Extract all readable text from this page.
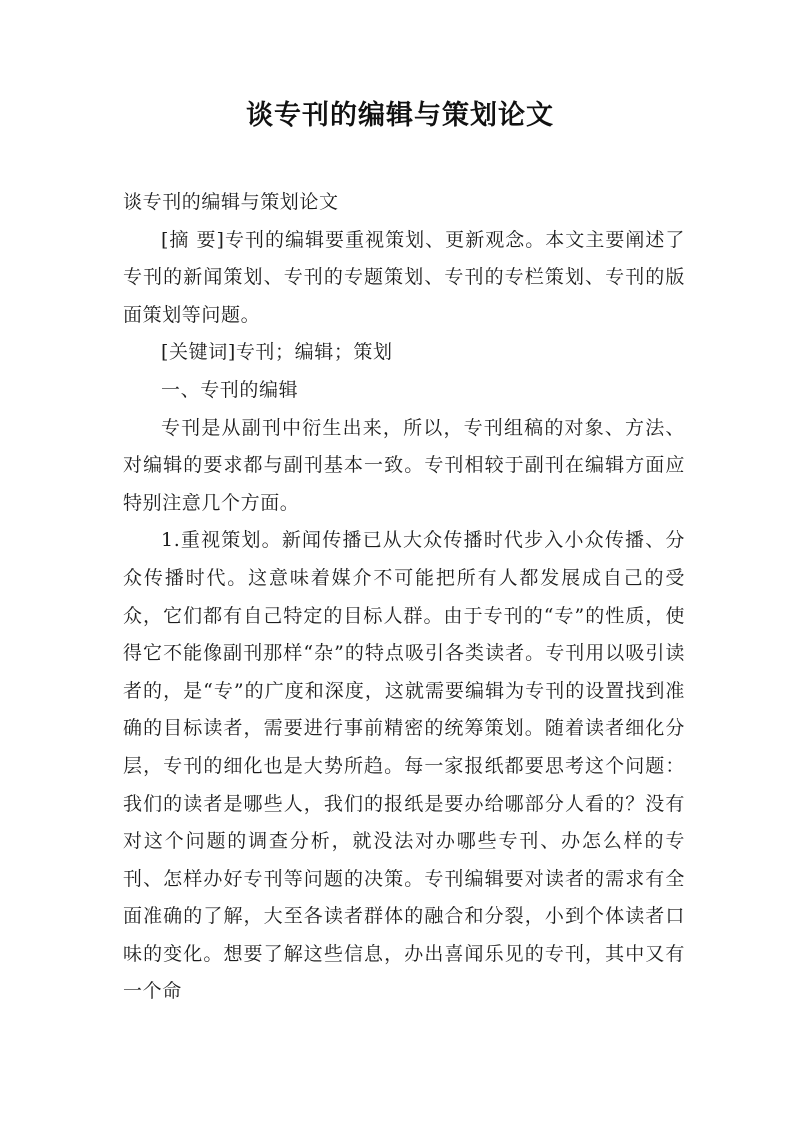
谈专刊的编辑与策划论文

谈专刊的编辑与策划论文

[摘 要]专刊的编辑要重视策划、更新观念。本文主要阐述了专刊的新闻策划、专刊的专题策划、专刊的专栏策划、专刊的版面策划等问题。

[关键词]专刊；编辑；策划

一、专刊的编辑

专刊是从副刊中衍生出来，所以，专刊组稿的对象、方法、对编辑的要求都与副刊基本一致。专刊相较于副刊在编辑方面应特别注意几个方面。

1.重视策划。新闻传播已从大众传播时代步入小众传播、分众传播时代。这意味着媒介不可能把所有人都发展成自己的受众，它们都有自己特定的目标人群。由于专刊的“专”的性质，使得它不能像副刊那样“杂”的特点吸引各类读者。专刊用以吸引读者的，是“专”的广度和深度，这就需要编辑为专刊的设置找到准确的目标读者，需要进行事前精密的统筹策划。随着读者细化分层，专刊的细化也是大势所趋。每一家报纸都要思考这个问题：我们的读者是哪些人，我们的报纸是要办给哪部分人看的？没有对这个问题的调查分析，就没法对办哪些专刊、办怎么样的专刊、怎样办好专刊等问题的决策。专刊编辑要对读者的需求有全面准确的了解，大至各读者群体的融合和分裂，小到个体读者口味的变化。想要了解这些信息，办出喜闻乐见的专刊，其中又有一个命
